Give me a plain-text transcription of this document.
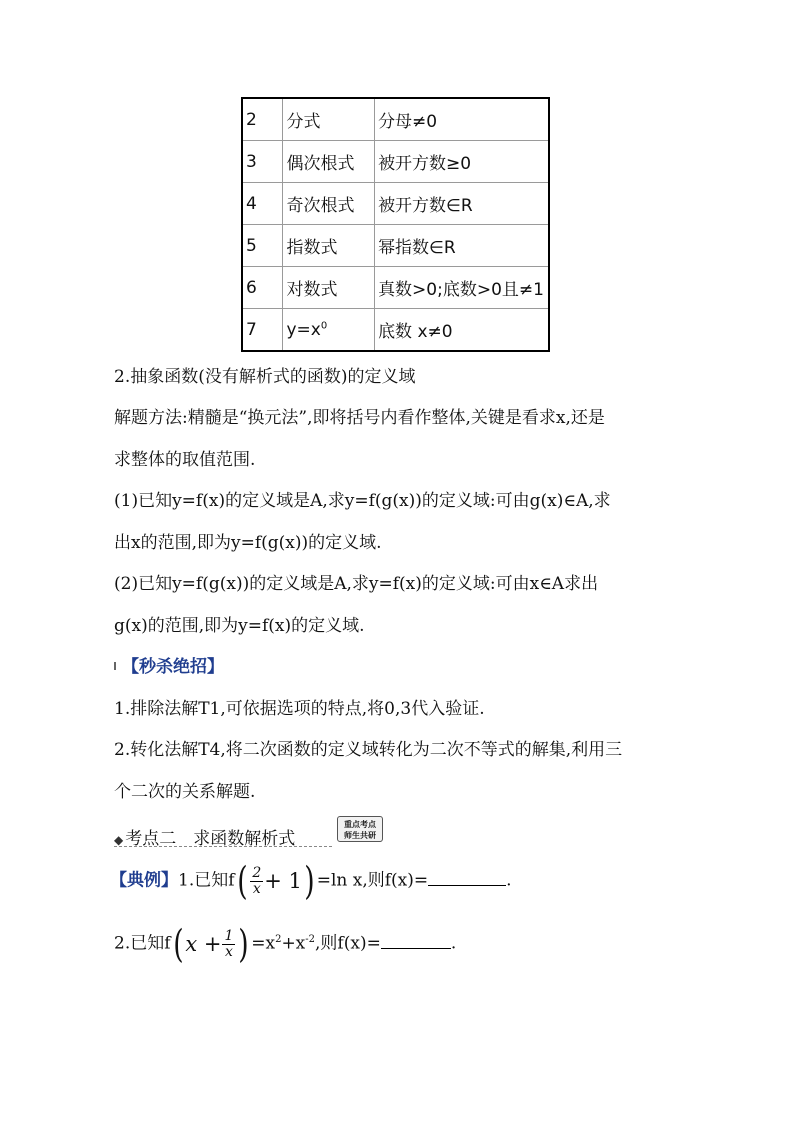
2	分式	分母≠0
3	偶次根式	被开方数≥0
4	奇次根式	被开方数∈R
5	指数式	幂指数∈R
6	对数式	真数>0;底数>0且≠1
7	$y=x^0$	底数 x≠0
2.抽象函数(没有解析式的函数)的定义域
解题方法:精髓是“换元法”,即将括号内看作整体,关键是看求x,还是
求整体的取值范围.
(1)已知y=f(x)的定义域是A,求y=f(g(x))的定义域:可由g(x)∈A,求
出x的范围,即为y=f(g(x))的定义域.
(2)已知y=f(g(x))的定义域是A,求y=f(x)的定义域:可由x∈A求出
g(x)的范围,即为y=f(x)的定义域.
【秒杀绝招】
1.排除法解T1,可依据选项的特点,将0,3代入验证.
2.转化法解T4,将二次函数的定义域转化为二次不等式的解集,利用三
个二次的关系解题.
◆ 考点二　求函数解析式
重点考点
师生共研
【典例】1.已知$f( \frac{2}{x} + 1) =\ln$ x,则f(x)=	.
2.已知f( $x + \frac{1}{x}$ ) $=x^2+x^{-2}$,则f(x)=	.
